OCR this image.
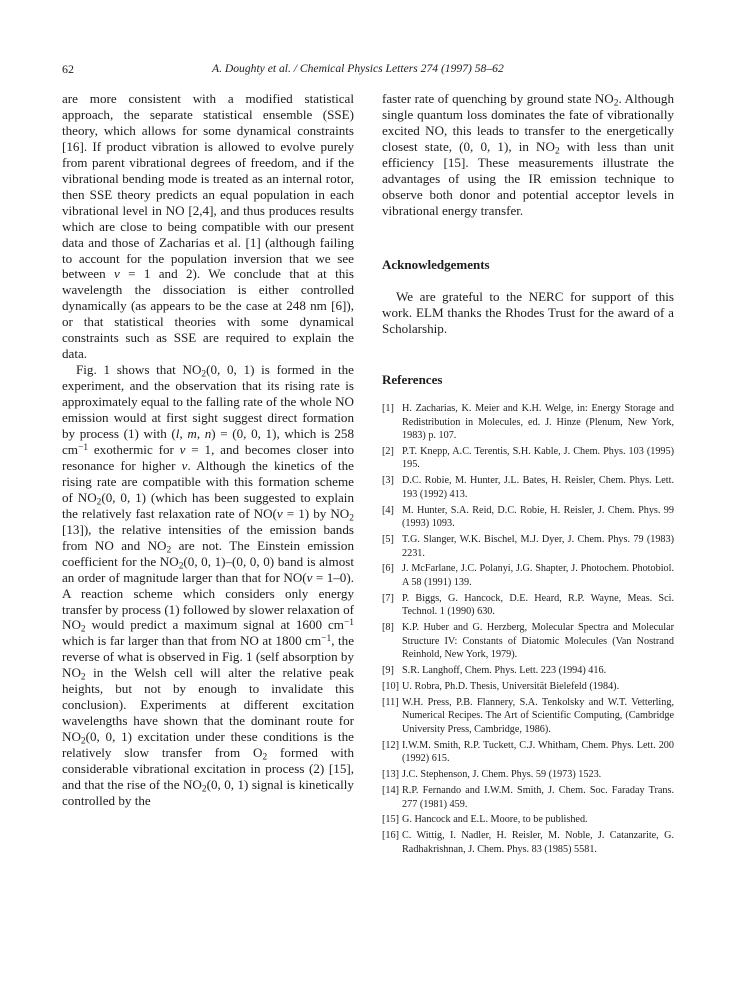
62	A. Doughty et al. / Chemical Physics Letters 274 (1997) 58–62

are more consistent with a modified statistical approach, the separate statistical ensemble (SSE) theory, which allows for some dynamical constraints [16]. If product vibration is allowed to evolve purely from parent vibrational degrees of freedom, and if the vibrational bending mode is treated as an internal rotor, then SSE theory predicts an equal population in each vibrational level in NO [2,4], and thus produces results which are close to being compatible with our present data and those of Zacharias et al. [1] (although failing to account for the population inversion that we see between v = 1 and 2). We conclude that at this wavelength the dissociation is either controlled dynamically (as appears to be the case at 248 nm [6]), or that statistical theories with some dynamical constraints such as SSE are required to explain the data.

Fig. 1 shows that $NO_2(0$, 0, 1) is formed in the experiment, and the observation that its rising rate is approximately equal to the falling rate of the whole NO emission would at first sight suggest direct formation by process (1) with (l, m, n) = (0, 0, 1), which is 258 $cm^{-1}$ exothermic for v = 1, and becomes closer into resonance for higher v. Although the kinetics of the rising rate are compatible with this formation scheme of $NO_2(0$, 0, 1) (which has been suggested to explain the relatively fast relaxation rate of NO(v = 1) by $NO_2$ [13]), the relative intensities of the emission bands from NO and $NO_2$ are not. The Einstein emission coefficient for the $NO_2(0$, 0, 1)–(0, 0, 0) band is almost an order of magnitude larger than that for NO(v = 1–0). A reaction scheme which considers only energy transfer by process (1) followed by slower relaxation of $NO_2$ would predict a maximum signal at 1600 $cm^{-1}$ which is far larger than that from NO at 1800 $cm^{-1}$, the reverse of what is observed in Fig. 1 (self absorption by $NO_2$ in the Welsh cell will alter the relative peak heights, but not by enough to invalidate this conclusion). Experiments at different excitation wavelengths have shown that the dominant route for $NO_2(0$, 0, 1) excitation under these conditions is the relatively slow transfer from $O_2$ formed with considerable vibrational excitation in process (2) [15], and that the rise of the $NO_2(0$, 0, 1) signal is kinetically controlled by the

faster rate of quenching by ground state $NO_2$. Although single quantum loss dominates the fate of vibrationally excited NO, this leads to transfer to the energetically closest state, (0, 0, 1), in $NO_2$ with less than unit efficiency [15]. These measurements illustrate the advantages of using the IR emission technique to observe both donor and potential acceptor levels in vibrational energy transfer.

Acknowledgements

We are grateful to the NERC for support of this work. ELM thanks the Rhodes Trust for the award of a Scholarship.

References
[1] H. Zacharias, K. Meier and K.H. Welge, in: Energy Storage and Redistribution in Molecules, ed. J. Hinze (Plenum, New York, 1983) p. 107.
[2] P.T. Knepp, A.C. Terentis, S.H. Kable, J. Chem. Phys. 103 (1995) 195.
[3] D.C. Robie, M. Hunter, J.L. Bates, H. Reisler, Chem. Phys. Lett. 193 (1992) 413.
[4] M. Hunter, S.A. Reid, D.C. Robie, H. Reisler, J. Chem. Phys. 99 (1993) 1093.
[5] T.G. Slanger, W.K. Bischel, M.J. Dyer, J. Chem. Phys. 79 (1983) 2231.
[6] J. McFarlane, J.C. Polanyi, J.G. Shapter, J. Photochem. Photobiol. A 58 (1991) 139.
[7] P. Biggs, G. Hancock, D.E. Heard, R.P. Wayne, Meas. Sci. Technol. 1 (1990) 630.
[8] K.P. Huber and G. Herzberg, Molecular Spectra and Molecular Structure IV: Constants of Diatomic Molecules (Van Nostrand Reinhold, New York, 1979).
[9] S.R. Langhoff, Chem. Phys. Lett. 223 (1994) 416.
[10] U. Robra, Ph.D. Thesis, Universität Bielefeld (1984).
[11] W.H. Press, P.B. Flannery, S.A. Tenkolsky and W.T. Vetterling, Numerical Recipes. The Art of Scientific Computing, (Cambridge University Press, Cambridge, 1986).
[12] I.W.M. Smith, R.P. Tuckett, C.J. Whitham, Chem. Phys. Lett. 200 (1992) 615.
[13] J.C. Stephenson, J. Chem. Phys. 59 (1973) 1523.
[14] R.P. Fernando and I.W.M. Smith, J. Chem. Soc. Faraday Trans. 277 (1981) 459.
[15] G. Hancock and E.L. Moore, to be published.
[16] C. Wittig, I. Nadler, H. Reisler, M. Noble, J. Catanzarite, G. Radhakrishnan, J. Chem. Phys. 83 (1985) 5581.
